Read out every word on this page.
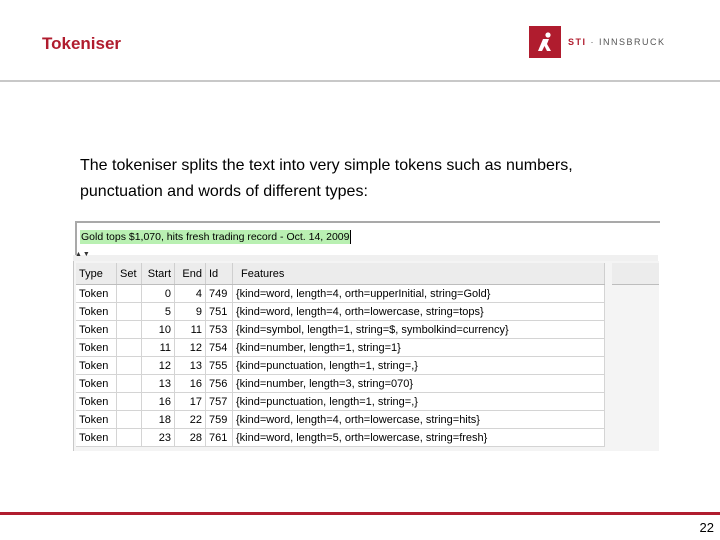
Tokeniser	STI · INNSBRUCK
The tokeniser splits the text into very simple tokens such as numbers,
punctuation and words of different types:
Gold tops $1,070, hits fresh trading record - Oct. 14, 2009
▲▼
Type	Set	Start	End	Id	Features
Token		0	4	749	{kind=word, length=4, orth=upperInitial, string=Gold}
Token		5	9	751	{kind=word, length=4, orth=lowercase, string=tops}
Token		10	11	753	{kind=symbol, length=1, string=$, symbolkind=currency}
Token		11	12	754	{kind=number, length=1, string=1}
Token		12	13	755	{kind=punctuation, length=1, string=,}
Token		13	16	756	{kind=number, length=3, string=070}
Token		16	17	757	{kind=punctuation, length=1, string=,}
Token		18	22	759	{kind=word, length=4, orth=lowercase, string=hits}
Token		23	28	761	{kind=word, length=5, orth=lowercase, string=fresh}
22
